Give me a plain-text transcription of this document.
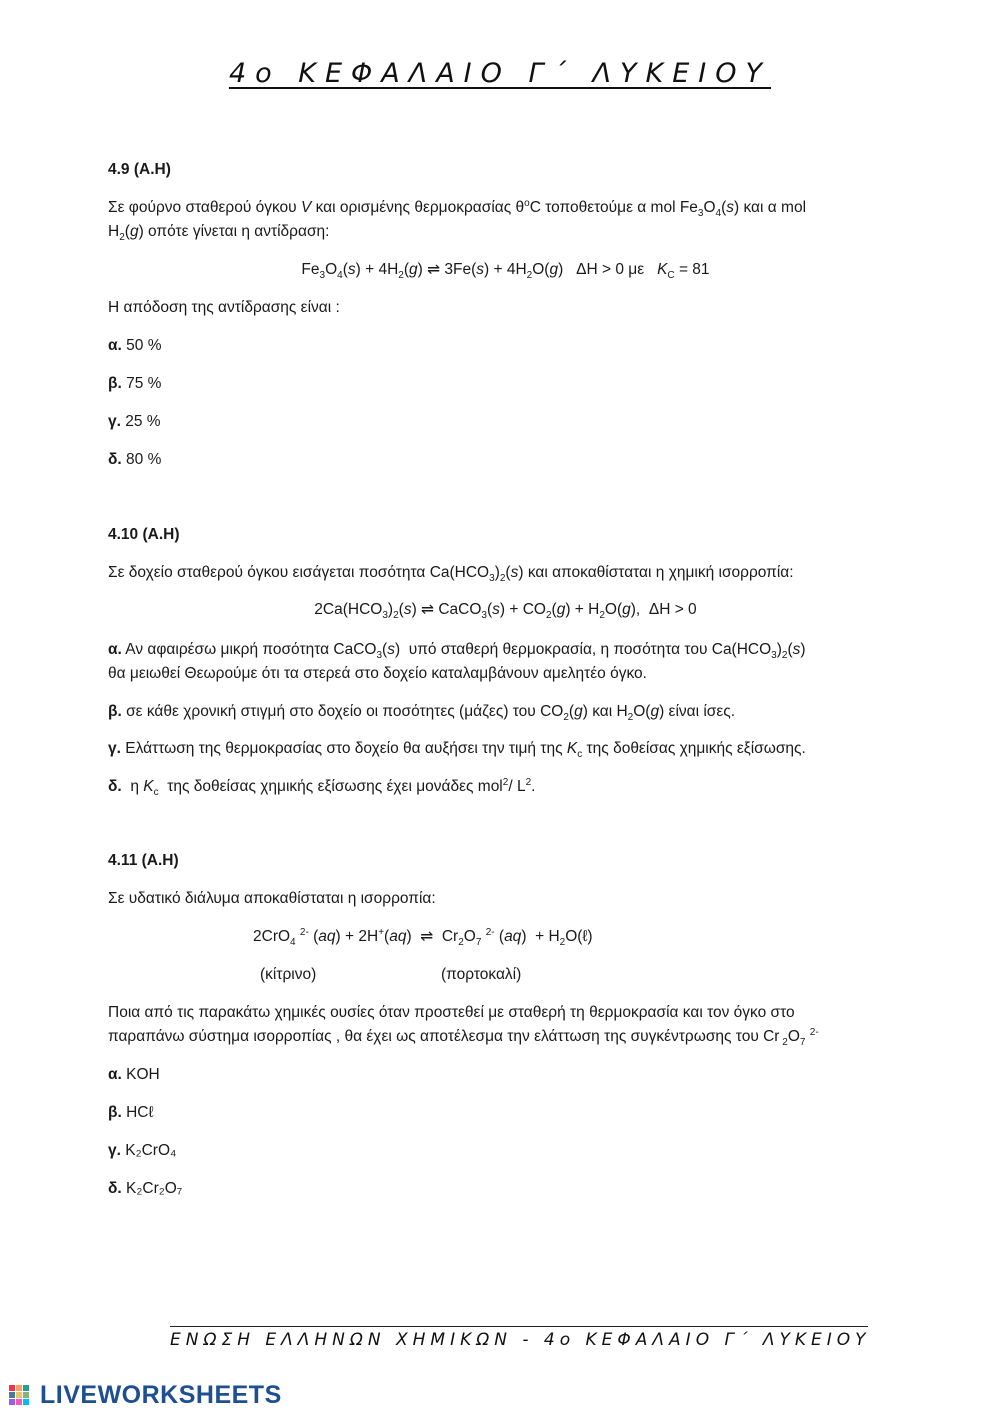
4ο ΚΕΦΑΛΑΙΟ Γ΄ ΛΥΚΕΙΟΥ
4.9 (Α.Η)
Σε φούρνο σταθερού όγκου V και ορισμένης θερμοκρασίας $\theta^oC$ τοποθετούμε α mol $Fe_3O_4(s)$ και α mol
$H_2(g)$ οπότε γίνεται η αντίδραση:
$Fe_3O_4(s) + 4H_2(g)$ ⇌ $3Fe(s) + 4H_2O(g) \Delta H > 0$ με $K_C = 81$
Η απόδοση της αντίδρασης είναι :
α. 50 %
β. 75 %
γ. 25 %
δ. 80 %
4.10 (Α.Η)
Σε δοχείο σταθερού όγκου εισάγεται ποσότητα $Ca(HCO_3)_2(s)$ και αποκαθίσταται η χημική ισορροπία:
$2Ca(HCO_3)_2(s)$ ⇌ CaCO$_3$(s) + $CO_2(g) + H_2O(g)$,  ΔH > 0
α. Αν αφαιρέσω μικρή ποσότητα CaCO$_3$(s)  υπό σταθερή θερμοκρασία, η ποσότητα του $Ca(HCO_3)_2(s)$
θα μειωθεί Θεωρούμε ότι τα στερεά στο δοχείο καταλαμβάνουν αμελητέο όγκο.
β. σε κάθε χρονική στιγμή στο δοχείο οι ποσότητες (μάζες) του $CO_2(g)$ και $H_2O(g)$ είναι ίσες.
γ. Ελάττωση της θερμοκρασίας στο δοχείο θα αυξήσει την τιμή της $K_c$ της δοθείσας χημικής εξίσωσης.
δ. η $K_c$ της δοθείσας χημικής εξίσωσης έχει μονάδες mol$^2$/ $L^2$.
4.11 (Α.Η)
Σε υδατικό διάλυμα αποκαθίσταται η ισορροπία:
2CrO$_4$ $^{2-}$ (aq) + 2H+(aq)  ⇌  $Cr_2O_7$ $^{2-}$ $(aq) + H_2O(\ell)$
(κίτρινο)	(πορτοκαλί)
Ποια από τις παρακάτω χημικές ουσίες όταν προστεθεί με σταθερή τη θερμοκρασία και τον όγκο στο
παραπάνω σύστημα ισορροπίας , θα έχει ως αποτέλεσμα την ελάττωση της συγκέντρωσης του Cr $_2O_7$ $^{2-}$
α. KOH
β. HCℓ
γ. K₂CrO₄
δ. K₂Cr₂O₇
ΕΝΩΣΗ ΕΛΛΗΝΩΝ ΧΗΜΙΚΩΝ - 4ο ΚΕΦΑΛΑΙΟ Γ΄ ΛΥΚΕΙΟΥ
LIVEWORKSHEETS
